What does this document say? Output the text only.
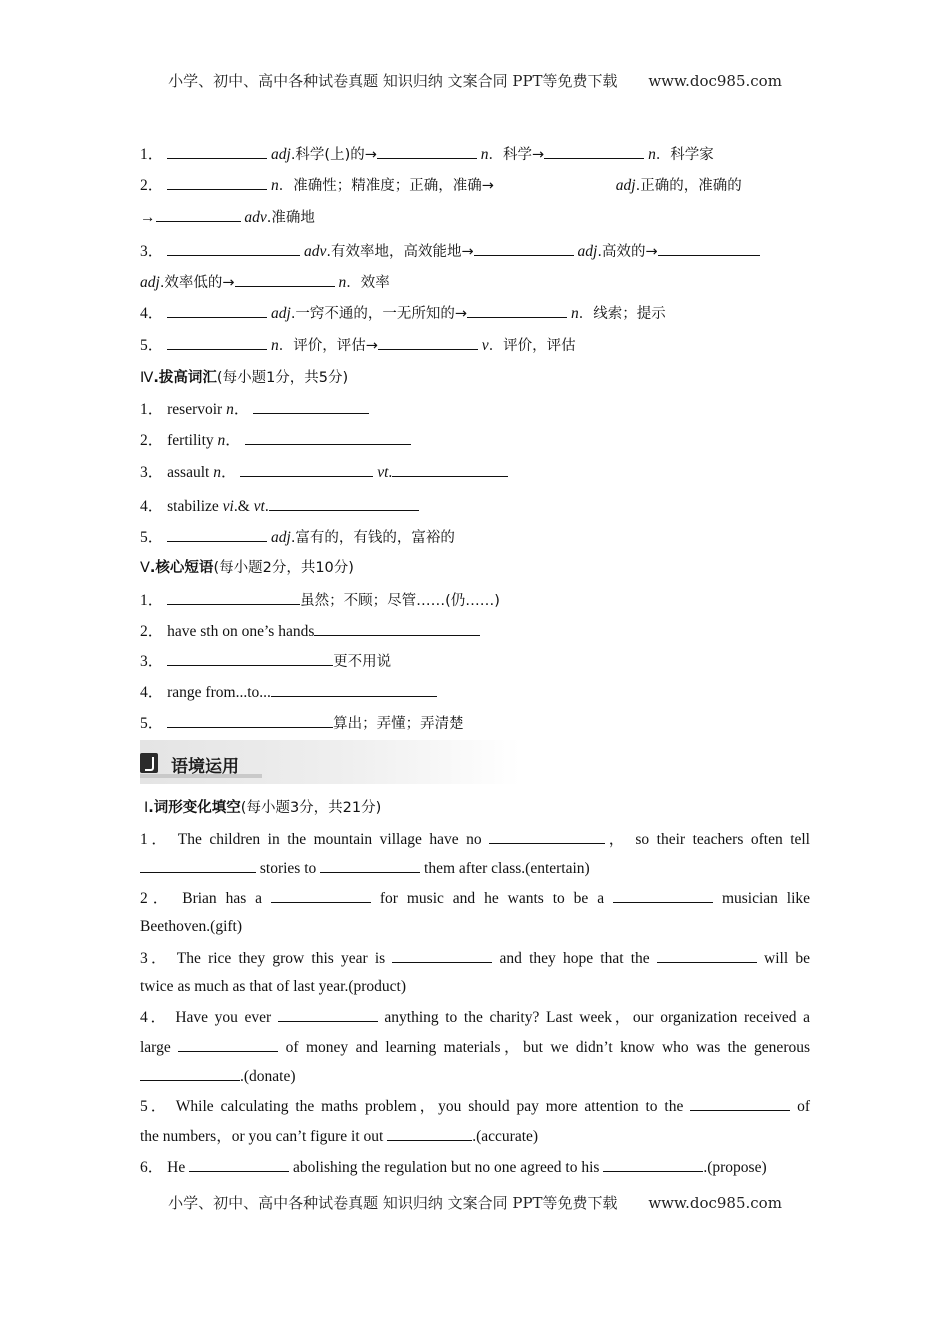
小学、初中、高中各种试卷真题 知识归纳 文案合同 PPT等免费下载 www.doc985.com
1．	adj.科学(上)的→	n．科学→	n．科学家
2．	n．准确性；精准度；正确，准确→	adj.正确的，准确的
→	adv.准确地
3．	adv.有效率地，高效能地→	adj.高效的→
adj.效率低的→	n．效率
4．	adj.一窍不通的，一无所知的→	n．线索；提示
5．	n．评价，评估→	v．评价，评估
Ⅳ.拔高词汇(每小题1分，共5分)
1． reservoir n．
2． fertility n．
3． assault n．	vt.
4． stabilize vi.& vt.
5．	adj.富有的，有钱的，富裕的
Ⅴ.核心短语(每小题2分，共10分)
1．	虽然；不顾；尽管……(仍……)
2． have sth on one’s hands
3．	更不用说
4． range from...to...
5．	算出；弄懂；弄清楚
语境运用
Ⅰ.词形变化填空(每小题3分，共21分)
1． The children in the mountain village have no	， so their teachers often tell
stories to	them after class.(entertain)
2． Brian has a	for music and he wants to be a	musician like
Beethoven.(gift)
3． The rice they grow this year is	and they hope that the	will be
twice as much as that of last year.(product)
4． Have you ever	anything to the charity? Last week，our organization received a
large	of money and learning materials，but we didn’t know who was the generous
.(donate)
5． While calculating the maths problem，you should pay more attention to the	of
the numbers，or you can’t figure it out	.(accurate)
6． He	abolishing the regulation but no one agreed to his	.(propose)
小学、初中、高中各种试卷真题 知识归纳 文案合同 PPT等免费下载 www.doc985.com
